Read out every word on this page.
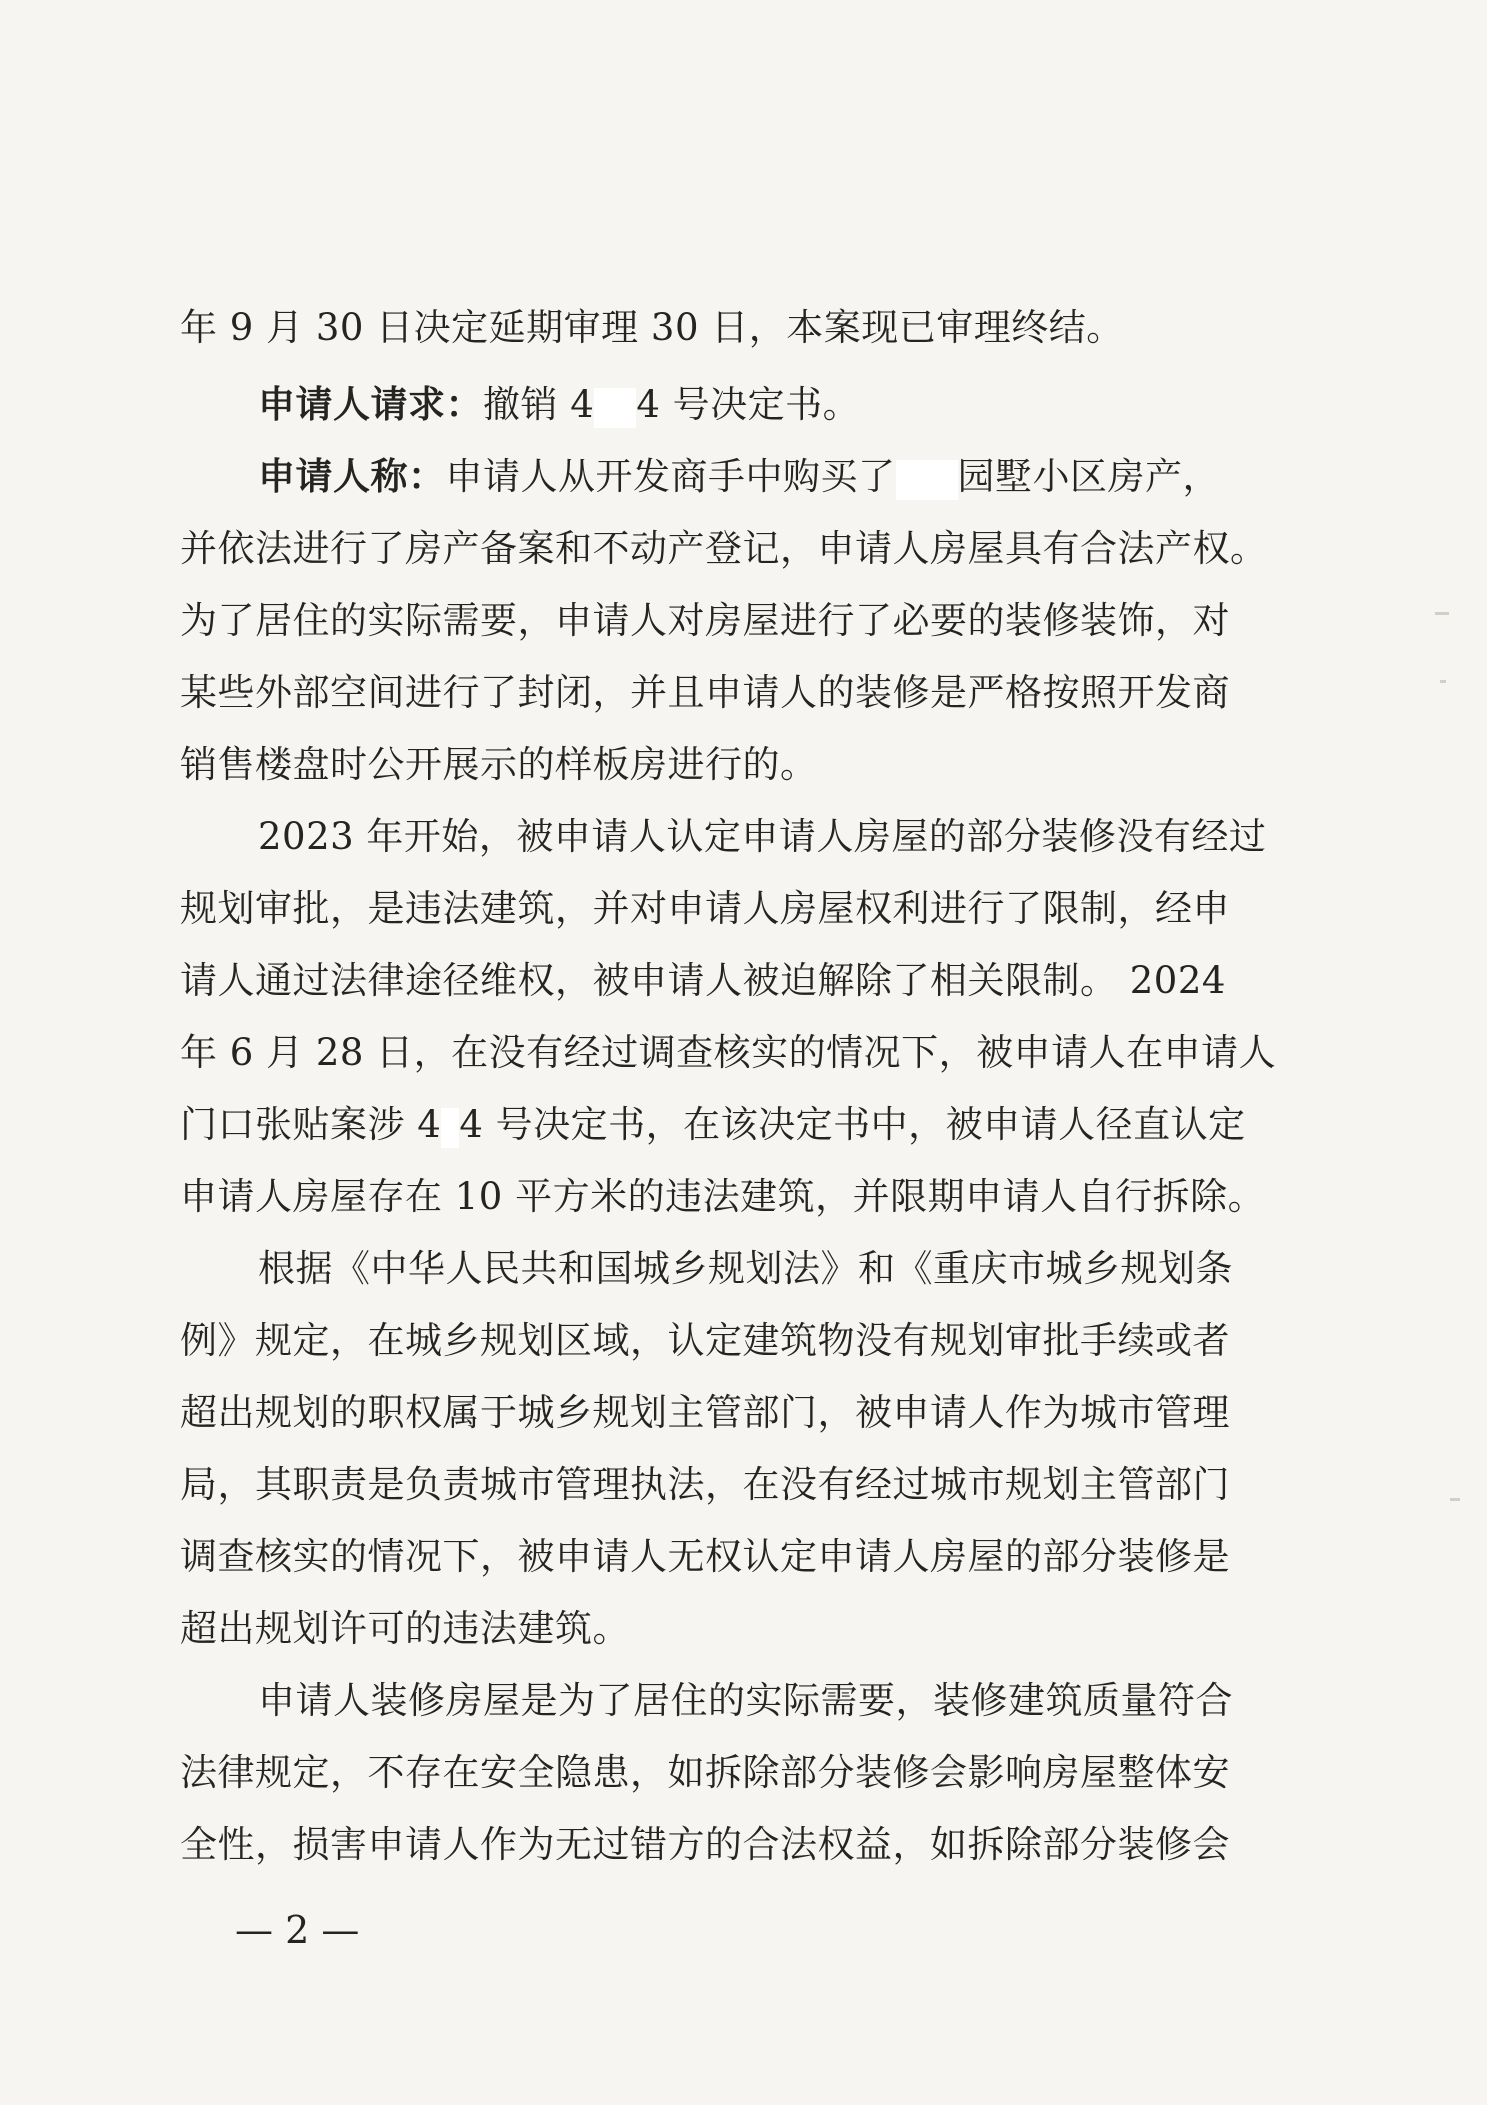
年 9 月 30 日决定延期审理 30 日，本案现已审理终结。
申请人请求：撤销 4 4 号决定书。
申请人称：申请人从开发商手中购买了 园墅小区房产，
并依法进行了房产备案和不动产登记，申请人房屋具有合法产权。
为了居住的实际需要，申请人对房屋进行了必要的装修装饰，对
某些外部空间进行了封闭，并且申请人的装修是严格按照开发商
销售楼盘时公开展示的样板房进行的。
2023 年开始，被申请人认定申请人房屋的部分装修没有经过
规划审批，是违法建筑，并对申请人房屋权利进行了限制，经申
请人通过法律途径维权，被申请人被迫解除了相关限制。 2024
年 6 月 28 日，在没有经过调查核实的情况下，被申请人在申请人
门口张贴案涉 4 4 号决定书，在该决定书中，被申请人径直认定
申请人房屋存在 10 平方米的违法建筑，并限期申请人自行拆除。
根据《中华人民共和国城乡规划法》和《重庆市城乡规划条
例》规定，在城乡规划区域，认定建筑物没有规划审批手续或者
超出规划的职权属于城乡规划主管部门，被申请人作为城市管理
局，其职责是负责城市管理执法，在没有经过城市规划主管部门
调查核实的情况下，被申请人无权认定申请人房屋的部分装修是
超出规划许可的违法建筑。
申请人装修房屋是为了居住的实际需要，装修建筑质量符合
法律规定，不存在安全隐患，如拆除部分装修会影响房屋整体安
全性，损害申请人作为无过错方的合法权益，如拆除部分装修会
— 2 —
